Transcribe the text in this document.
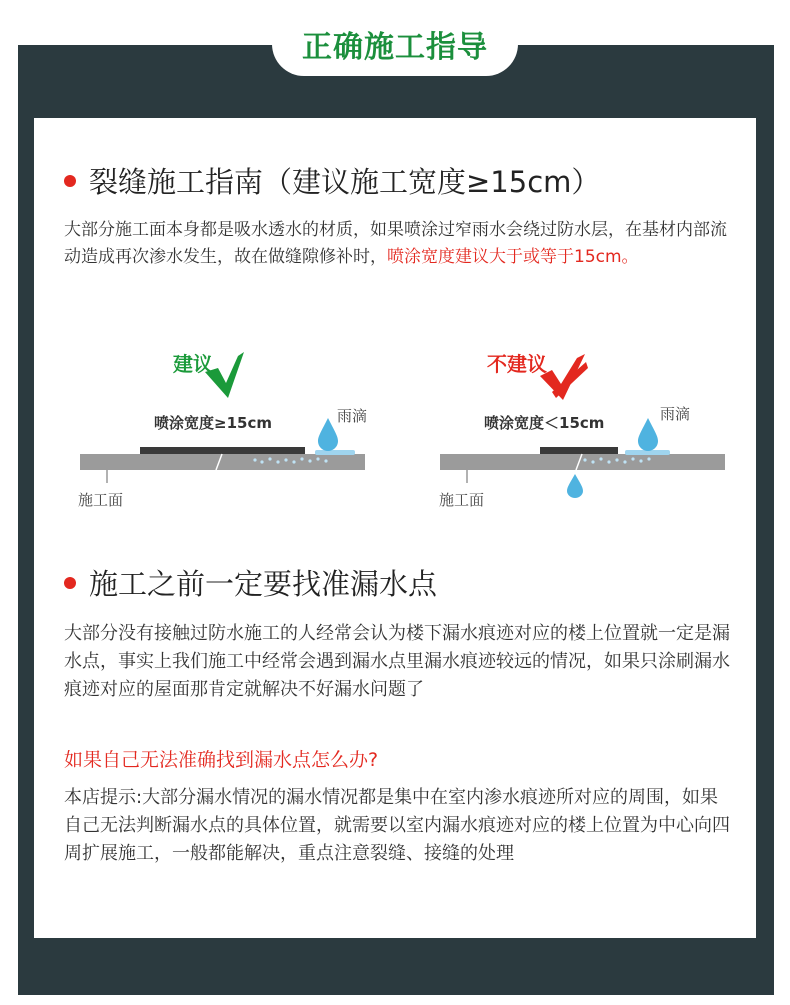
正确施工指导
裂缝施工指南（建议施工宽度≥15cm）
大部分施工面本身都是吸水透水的材质，如果喷涂过窄雨水会绕过防水层，在基材内部流动造成再次渗水发生，故在做缝隙修补时，喷涂宽度建议大于或等于15cm。
建议
喷涂宽度≥15cm	雨滴
施工面
不建议
喷涂宽度＜15cm	雨滴
施工面
施工之前一定要找准漏水点
大部分没有接触过防水施工的人经常会认为楼下漏水痕迹对应的楼上位置就一定是漏水点，事实上我们施工中经常会遇到漏水点里漏水痕迹较远的情况，如果只涂刷漏水痕迹对应的屋面那肯定就解决不好漏水问题了
如果自己无法准确找到漏水点怎么办?
本店提示:大部分漏水情况的漏水情况都是集中在室内渗水痕迹所对应的周围，如果自己无法判断漏水点的具体位置，就需要以室内漏水痕迹对应的楼上位置为中心向四周扩展施工，一般都能解决，重点注意裂缝、接缝的处理
